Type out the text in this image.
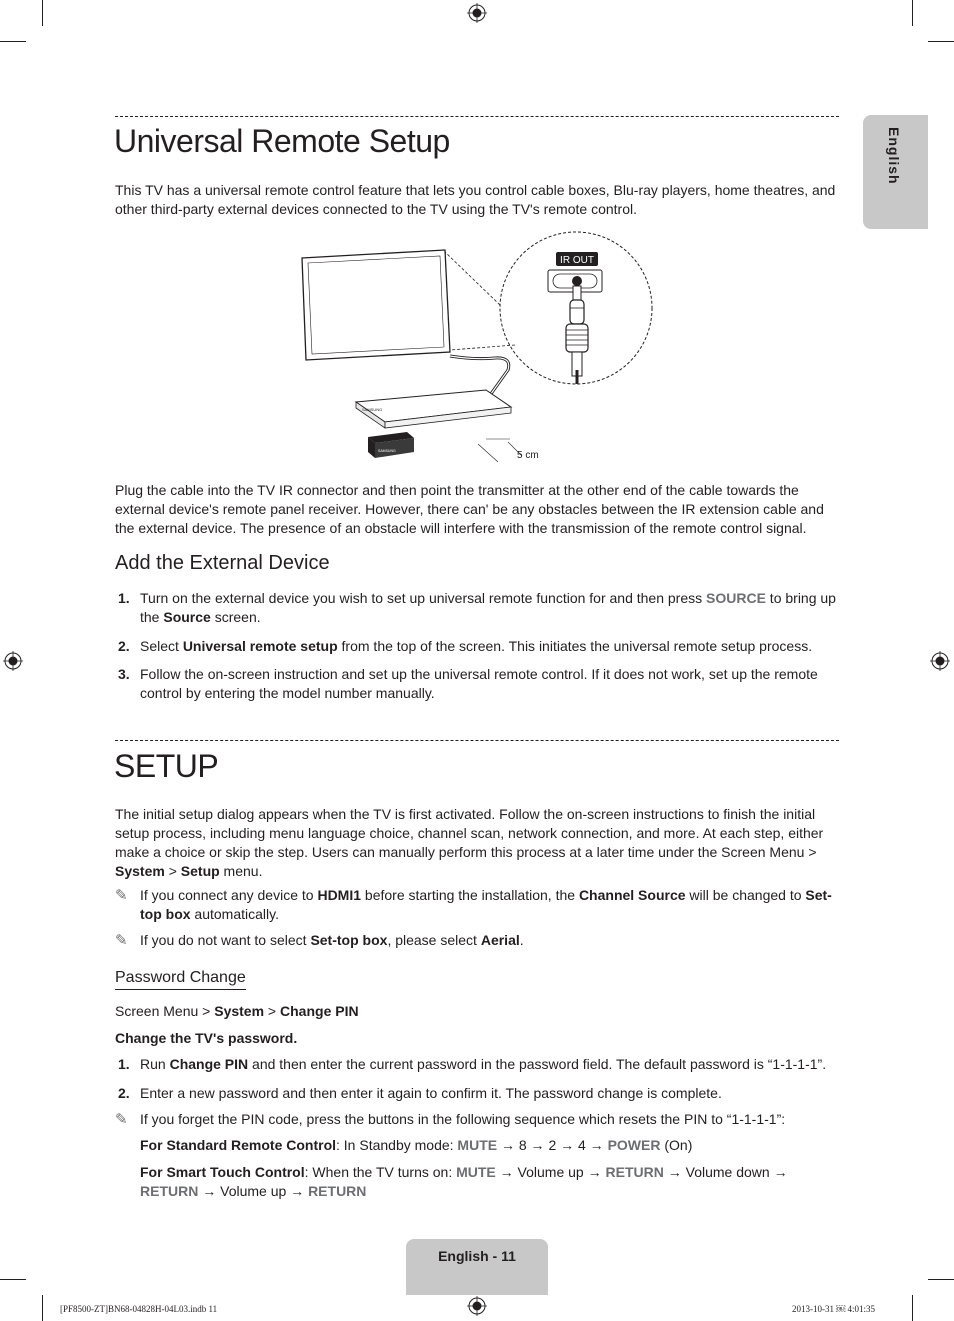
English
Universal Remote Setup

This TV has a universal remote control feature that lets you control cable boxes, Blu-ray players, home theatres, and other third-party external devices connected to the TV using the TV's remote control.

SAMSUNG
SAMSUNG	5 cm
IR OUT

Plug the cable into the TV IR connector and then point the transmitter at the other end of the cable towards the external device's remote panel receiver. However, there can' be any obstacles between the IR extension cable and the external device. The presence of an obstacle will interfere with the transmission of the remote control signal.

Add the External Device
1. Turn on the external device you wish to set up universal remote function for and then press SOURCE to bring up the Source screen.
2. Select Universal remote setup from the top of the screen. This initiates the universal remote setup process.
3. Follow the on-screen instruction and set up the universal remote control. If it does not work, set up the remote control by entering the model number manually.
SETUP

The initial setup dialog appears when the TV is first activated. Follow the on-screen instructions to finish the initial setup process, including menu language choice, channel scan, network connection, and more. At each step, either make a choice or skip the step. Users can manually perform this process at a later time under the Screen Menu > System > Setup menu.

✎ If you connect any device to HDMI1 before starting the installation, the Channel Source will be changed to Set-top box automatically.
✎ If you do not want to select Set-top box, please select Aerial.
Password Change

Screen Menu > System > Change PIN

Change the TV's password.

1. Run Change PIN and then enter the current password in the password field. The default password is “1-1-1-1”.
2. Enter a new password and then enter it again to confirm it. The password change is complete.
✎ If you forget the PIN code, press the buttons in the following sequence which resets the PIN to “1-1-1-1”:

For Standard Remote Control: In Standby mode: MUTE → 8 → 2 → 4 → POWER (On)

For Smart Touch Control: When the TV turns on: MUTE → Volume up → RETURN → Volume down → RETURN → Volume up → RETURN

English - 11
[PF8500-ZT]BN68-04828H-04L03.indb 11	2013-10-31 ￼ 4:01:35
